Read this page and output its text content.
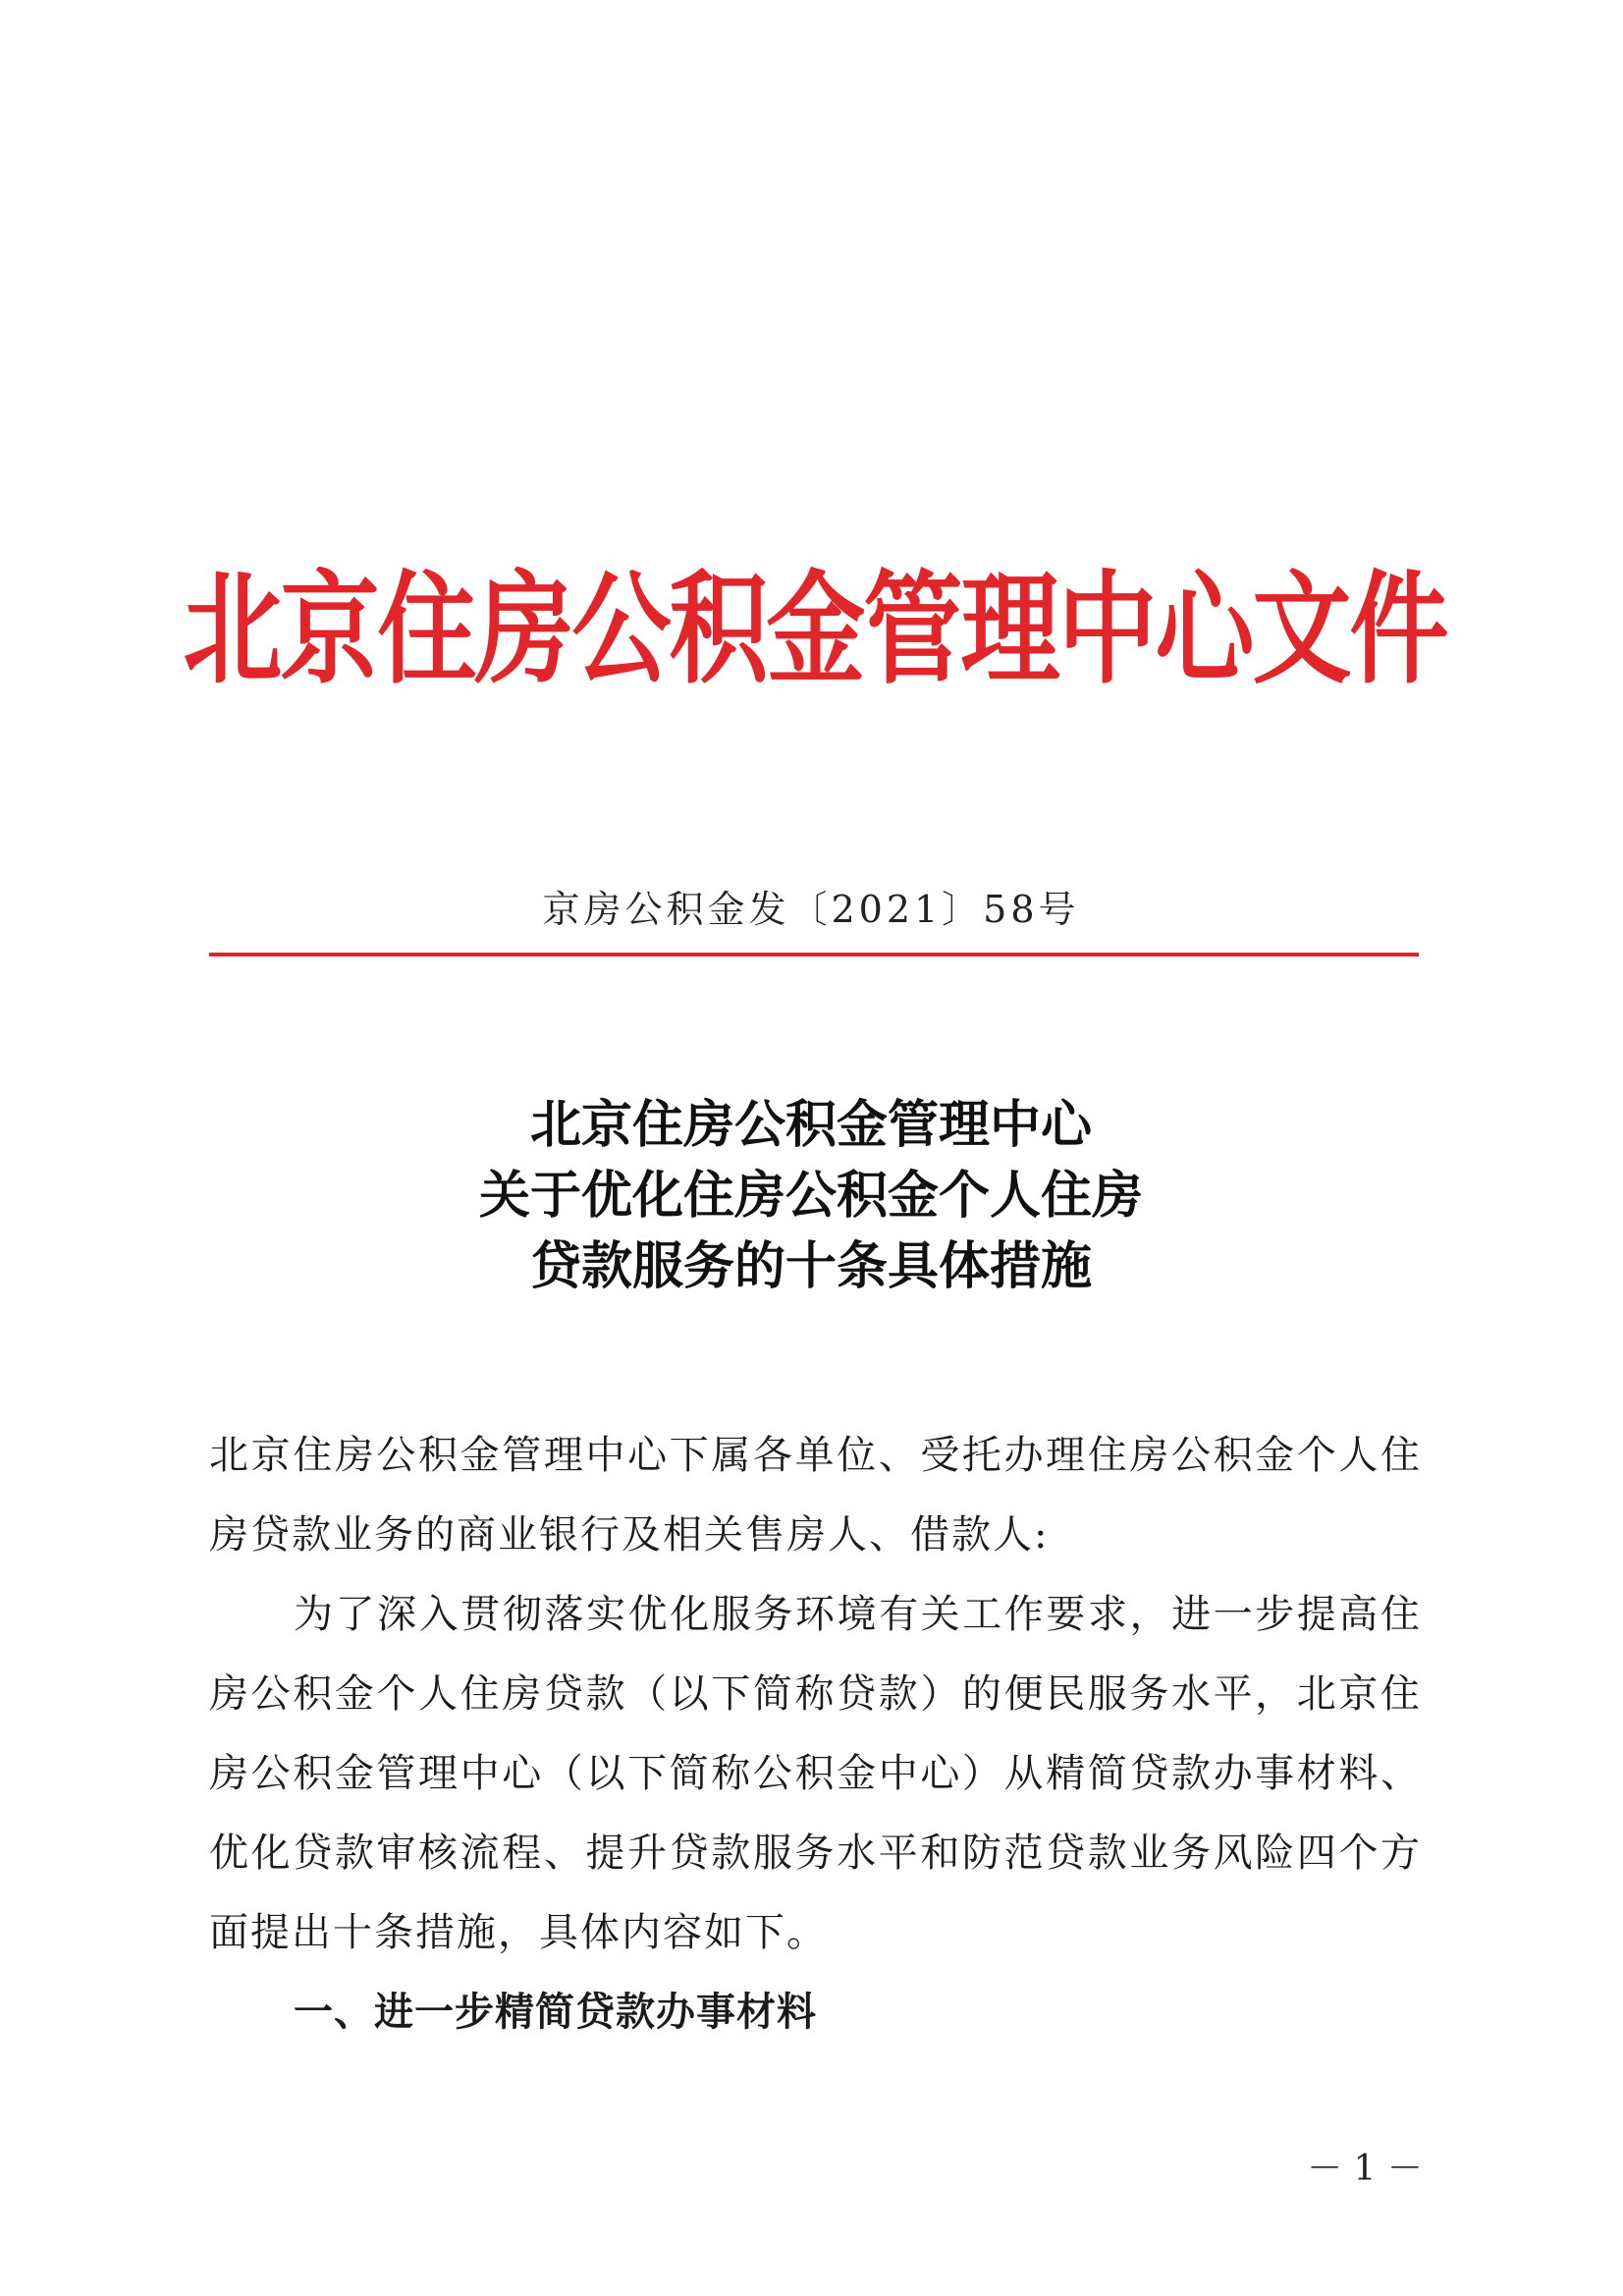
北京住房公积金管理中心文件
京房公积金发〔2021〕58号
北京住房公积金管理中心
关于优化住房公积金个人住房
贷款服务的十条具体措施

北京住房公积金管理中心下属各单位、受托办理住房公积金个人住房贷款业务的商业银行及相关售房人、借款人:

为了深入贯彻落实优化服务环境有关工作要求，进一步提高住房公积金个人住房贷款（以下简称贷款）的便民服务水平，北京住房公积金管理中心（以下简称公积金中心）从精简贷款办事材料、优化贷款审核流程、提升贷款服务水平和防范贷款业务风险四个方面提出十条措施，具体内容如下。

一、进一步精简贷款办事材料

－ 1 －
